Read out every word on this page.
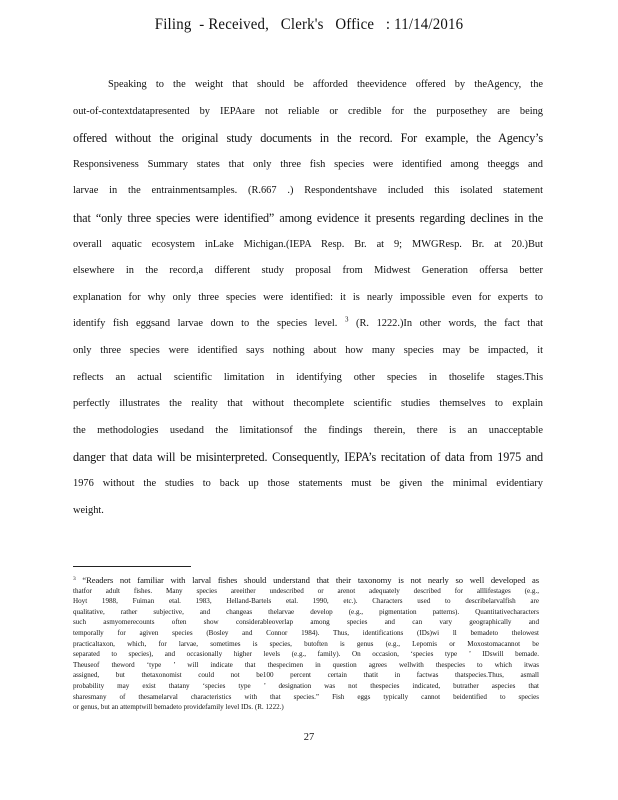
Filing  - Received,   Clerk's   Office   : 11/14/2016
Speaking to the weight that should be afforded theevidence offered by theAgency, the
out-of-contextdatapresented by IEPAare not reliable or credible for the purposethey are being
offered without the original study documents in the record. For example, the Agency’s
Responsiveness Summary states that only three fish species were identified among theeggs and
larvae in the entrainmentsamples. (R.667 .) Respondentshave included this isolated statement
that “only three species were identified” among evidence it presents regarding declines in the
overall aquatic ecosystem inLake Michigan.(IEPA Resp. Br. at 9; MWGResp. Br. at 20.)But
elsewhere in the record,a different study proposal from Midwest Generation offersa better
explanation for why only three species were identified: it is nearly impossible even for experts to
identify fish eggsand larvae down to the species level. $^3$ (R. 1222.)In other words, the fact that
only three species were identified says nothing about how many species may be impacted, it
reflects an actual scientific limitation in identifying other species in thoselife stages.This
perfectly illustrates the reality that without thecomplete scientific studies themselves to explain
the methodologies usedand the limitationsof the findings therein, there is an unacceptable
danger that data will be misinterpreted. Consequently, IEPA’s recitation of data from 1975 and
1976 without the studies to back up those statements must be given the minimal evidentiary
weight.
$^3$ “Readers not familiar with larval fishes should understand that their taxonomy is not nearly so well developed as
thatfor adult fishes. Many species areeither undescribed or arenot adequately described for alllifestages (e.g.,
Hoyt 1988, Fuiman etal. 1983, Helland-Bartels etal. 1990, etc.). Characters used to describelarvalfish are
qualitative, rather subjective, and changeas thelarvae develop (e.g., pigmentation patterns). Quantitativecharacters
such asmyomerecounts often show considerableoverlap among species and can vary geographically and
temporally for agiven species (Bosley and Connor 1984). Thus, identifications (IDs)wi ll bemadeto thelowest
practicaltaxon, which, for larvae, sometimes is species, butoften is genus (e.g., Lepomis or Moxostomacannot be
separated to species), and occasionally higher levels (e.g., family). On occasion, ‘species type ’ IDswill bemade.
Theuseof theword ‘type ’ will indicate that thespecimen in question agrees wellwith thespecies to which itwas
assigned, but thetaxonomist could not be100 percent certain thatit in factwas thatspecies.Thus, asmall
probability may exist thatany ‘species type ’ designation was not thespecies indicated, butrather aspecies that
sharesmany of thesamelarval characteristics with that species.” Fish eggs typically cannot beidentified to species
or genus, but an attemptwill bemadeto providefamily level IDs. (R. 1222.)
27
